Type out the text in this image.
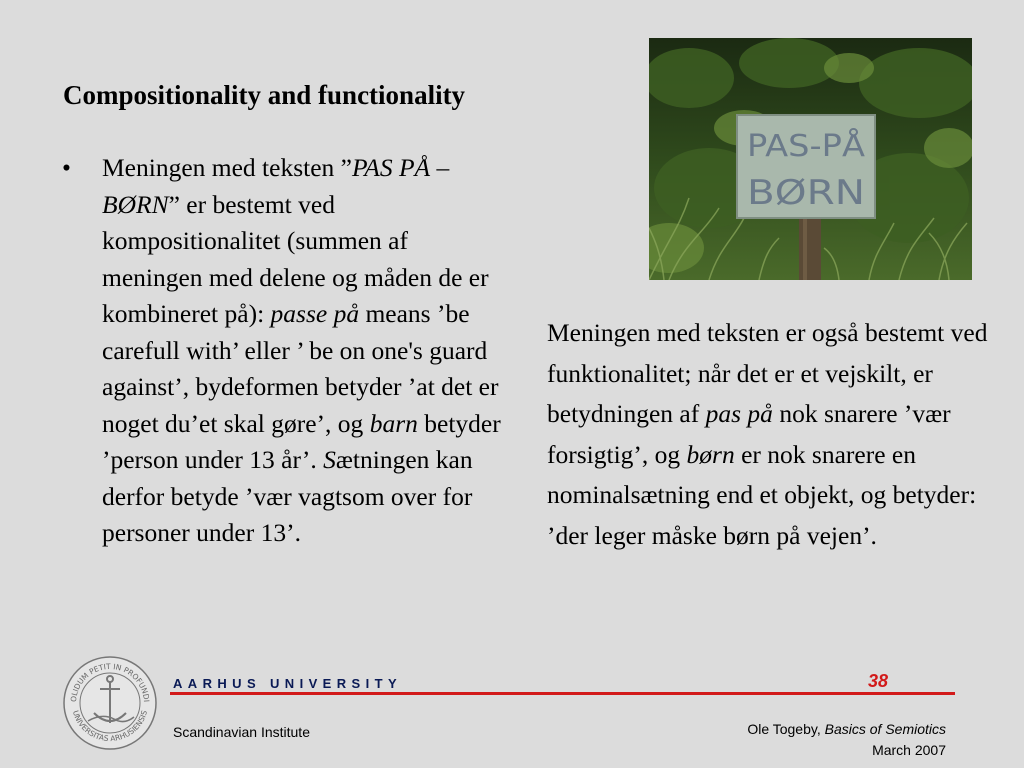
Compositionality and functionality
• Meningen med teksten ”PAS PÅ – BØRN” er bestemt ved kompositionalitet (summen af meningen med delene og måden de er kombineret på): passe på means ’be carefull with’ eller ’ be on one's guard against’, bydeformen betyder ’at det er noget du’et skal gøre’, og barn betyder ’person under 13 år’. Sætningen kan derfor betyde ’vær vagtsom over for personer under 13’.
PAS-PÅ
BØRN
Meningen med teksten er også bestemt ved funktionalitet; når det er et vejskilt, er betydningen af pas på nok snarere ’vær forsigtig’, og børn er nok snarere en nominalsætning end et objekt, og betyder: ’der leger måske børn på vejen’.
OLIDUM PETIT IN PROFUNDI
UNIVERSITAS ARHUSIENSIS
AARHUS UNIVERSITY	38
Scandinavian Institute	Ole Togeby, Basics of Semiotics
March 2007
